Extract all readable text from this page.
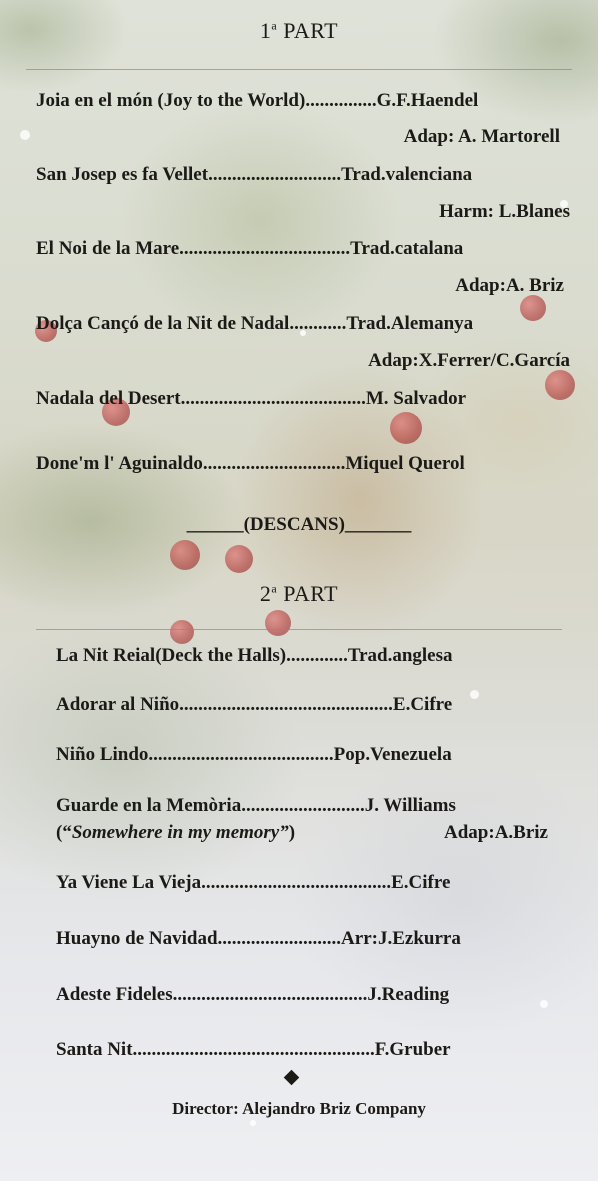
1$^a$ PART
Joia en el món (Joy to the World)...............G.F.Haendel
Adap: A. Martorell
San Josep es fa Vellet............................Trad.valenciana
Harm: L.Blanes
El Noi de la Mare....................................Trad.catalana
Adap:A. Briz
Dolça Cançó de la Nit de Nadal............Trad.Alemanya
Adap:X.Ferrer/C.García
Nadala del Desert.......................................M. Salvador
Done'm l' Aguinaldo..............................Miquel Querol
______(DESCANS)_______
2$^a$ PART
La Nit Reial(Deck the Halls).............Trad.anglesa
Adorar al Niño.............................................E.Cifre
Niño Lindo.......................................Pop.Venezuela
Guarde en la Memòria..........................J. Williams
(“Somewhere in my memory”)	Adap:A.Briz
Ya Viene La Vieja........................................E.Cifre
Huayno de Navidad..........................Arr:J.Ezkurra
Adeste Fideles.........................................J.Reading
Santa Nit...................................................F.Gruber
Director: Alejandro Briz Company
